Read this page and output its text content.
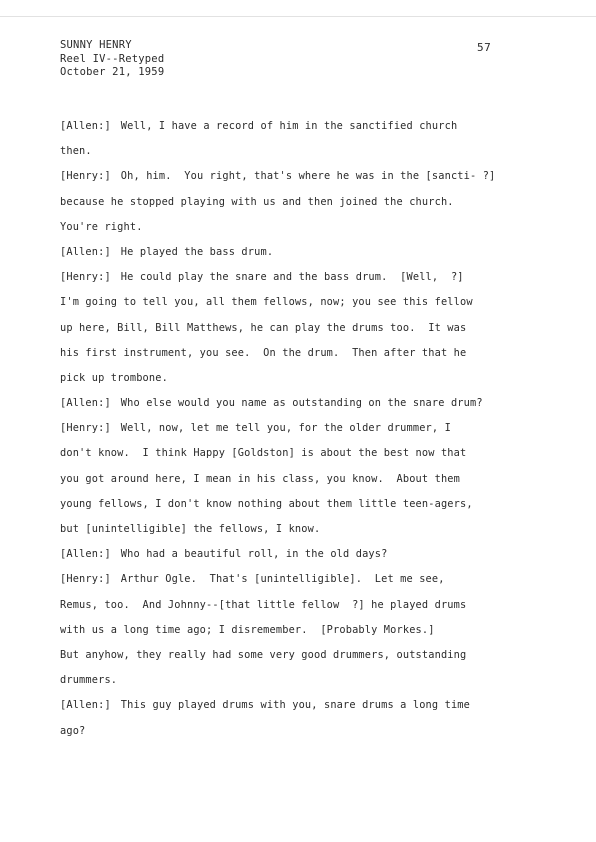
SUNNY HENRY
Reel IV--Retyped
October 21, 1959
57
[Allen:] Well, I have a record of him in the sanctified church
then.
[Henry:] Oh, him.  You right, that's where he was in the [sancti- ?]
because he stopped playing with us and then joined the church.
You're right.
[Allen:] He played the bass drum.
[Henry:] He could play the snare and the bass drum.  [Well,  ?]
I'm going to tell you, all them fellows, now; you see this fellow
up here, Bill, Bill Matthews, he can play the drums too.  It was
his first instrument, you see.  On the drum.  Then after that he
pick up trombone.
[Allen:] Who else would you name as outstanding on the snare drum?
[Henry:] Well, now, let me tell you, for the older drummer, I
don't know.  I think Happy [Goldston] is about the best now that
you got around here, I mean in his class, you know.  About them
young fellows, I don't know nothing about them little teen-agers,
but [unintelligible] the fellows, I know.
[Allen:] Who had a beautiful roll, in the old days?
[Henry:] Arthur Ogle.  That's [unintelligible].  Let me see,
Remus, too.  And Johnny--[that little fellow  ?] he played drums
with us a long time ago; I disremember.  [Probably Morkes.]
But anyhow, they really had some very good drummers, outstanding
drummers.
[Allen:] This guy played drums with you, snare drums a long time
ago?
